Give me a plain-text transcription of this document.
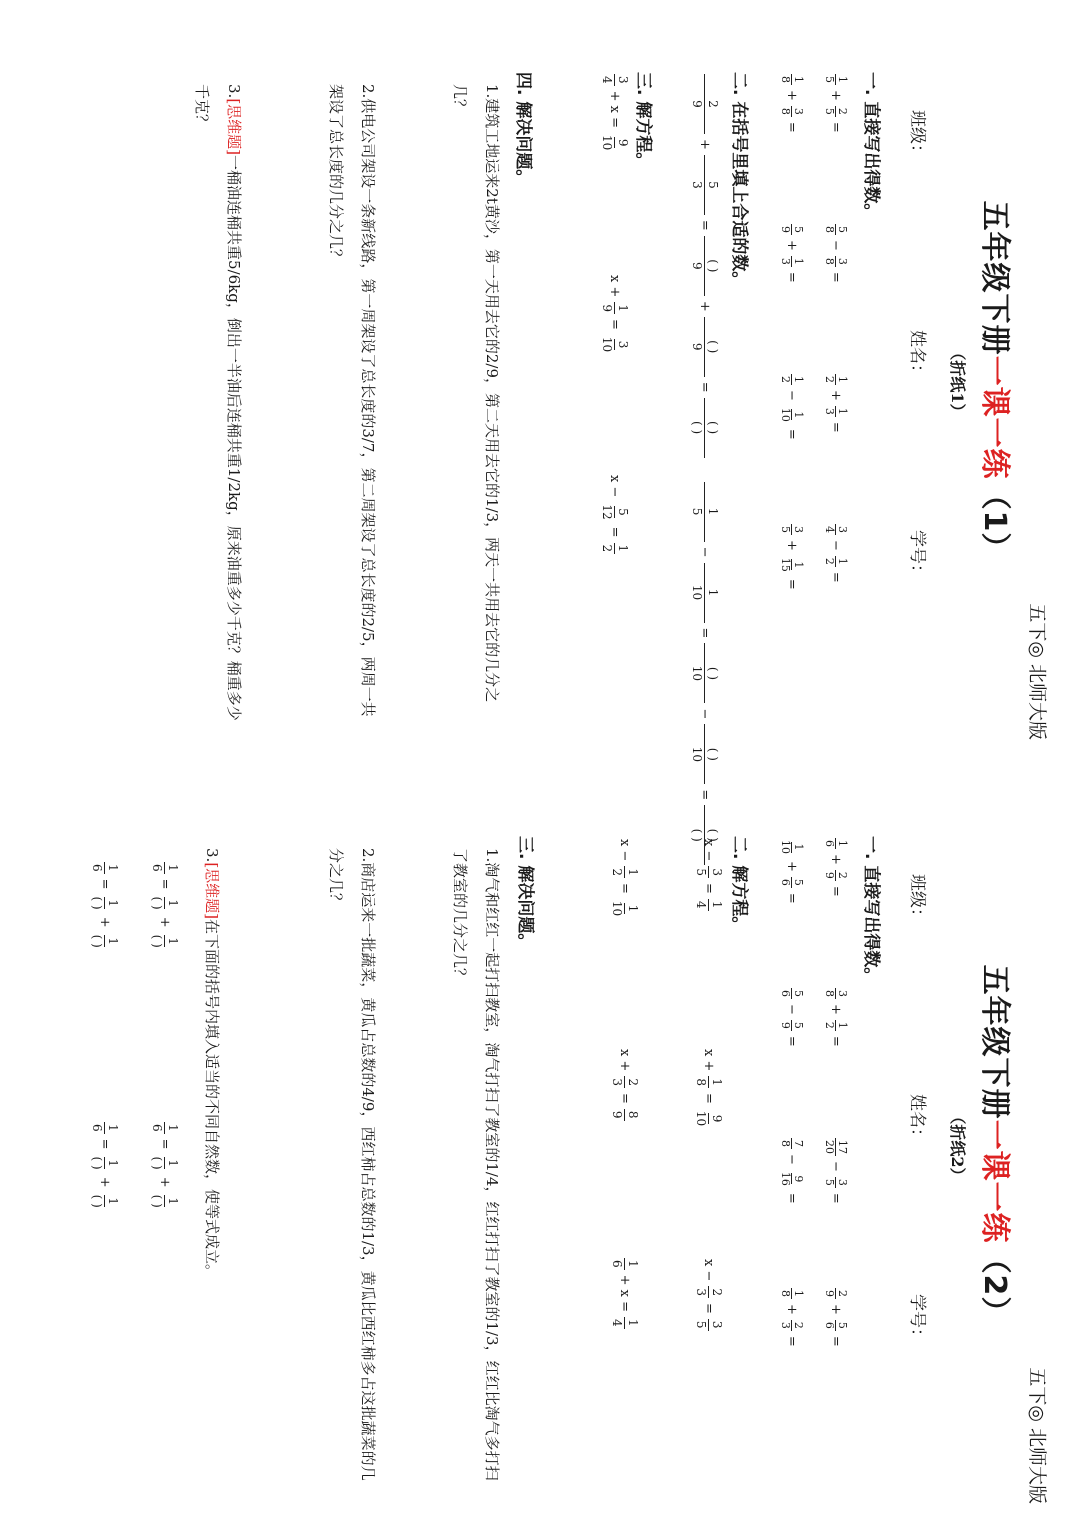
五下◎ 北师大版
五年级下册一课一练（1）
（折纸1）
班级：
姓名：
学号：
一. 直接写出得数。
1
5
+
2
5
=
5
8
−
3
8
=
1
2
+
1
3
=
3
4
−
1
2
=
1
8
+
3
8
=
5
9
+
1
3
=
1
2
−
1
10
=
3
5
+
1
15
=
二. 在括号里填上合适的数。
2
9
+
5
3
=
( )
9
+
( )
9
=
( )
( )
1
5
−
1
10
=
( )
10
−
( )
10
=
( )
( )
三. 解方程。
3
4
+ x =
9
10
x +
1
9
=
3
10
x −
5
12
=
1
2
四. 解决问题。
1.建筑工地运来2t黄沙，第一天用去它的2/9，第二天用去它的1/3，两天一共用去它的几分之几？
2.供电公司架设一条新线路，第一周架设了总长度的3/7，第二周架设了总长度的2/5，两周一共架设了总长度的几分之几？
3.[思维题]一桶油连桶共重5/6kg，倒出一半油后连桶共重1/2kg，原来油重多少千克？桶重多少千克？
五下◎ 北师大版
五年级下册一课一练（2）
（折纸2）
班级：
姓名：
学号：
一. 直接写出得数。
1
6
+
2
9
=
3
8
+
1
2
=
17
20
−
3
5
=
2
9
+
5
6
=
1
10
+
5
6
=
5
6
−
5
9
=
7
8
−
9
16
=
1
8
+
2
3
=
二. 解方程。
x −
3
5
=
1
4
x +
1
8
=
9
10
x −
2
3
=
3
5
x −
1
2
=
1
10
x +
2
3
=
8
9
1
6
+ x =
1
4
三. 解决问题。
1.淘气和红红一起打扫教室，淘气打扫了教室的1/4，红红打扫了教室的1/3，红红比淘气多打扫了教室的几分之几？
2.商店运来一批蔬菜，黄瓜占总数的4/9，西红柿占总数的1/3，黄瓜比西红柿多占这批蔬菜的几分之几？
3.[思维题]在下面的括号内填入适当的不同自然数，使等式成立。
1
6
=
1
( )
+
1
( )
1
6
=
1
( )
+
1
( )
1
6
=
1
( )
+
1
( )
1
6
=
1
( )
+
1
( )
